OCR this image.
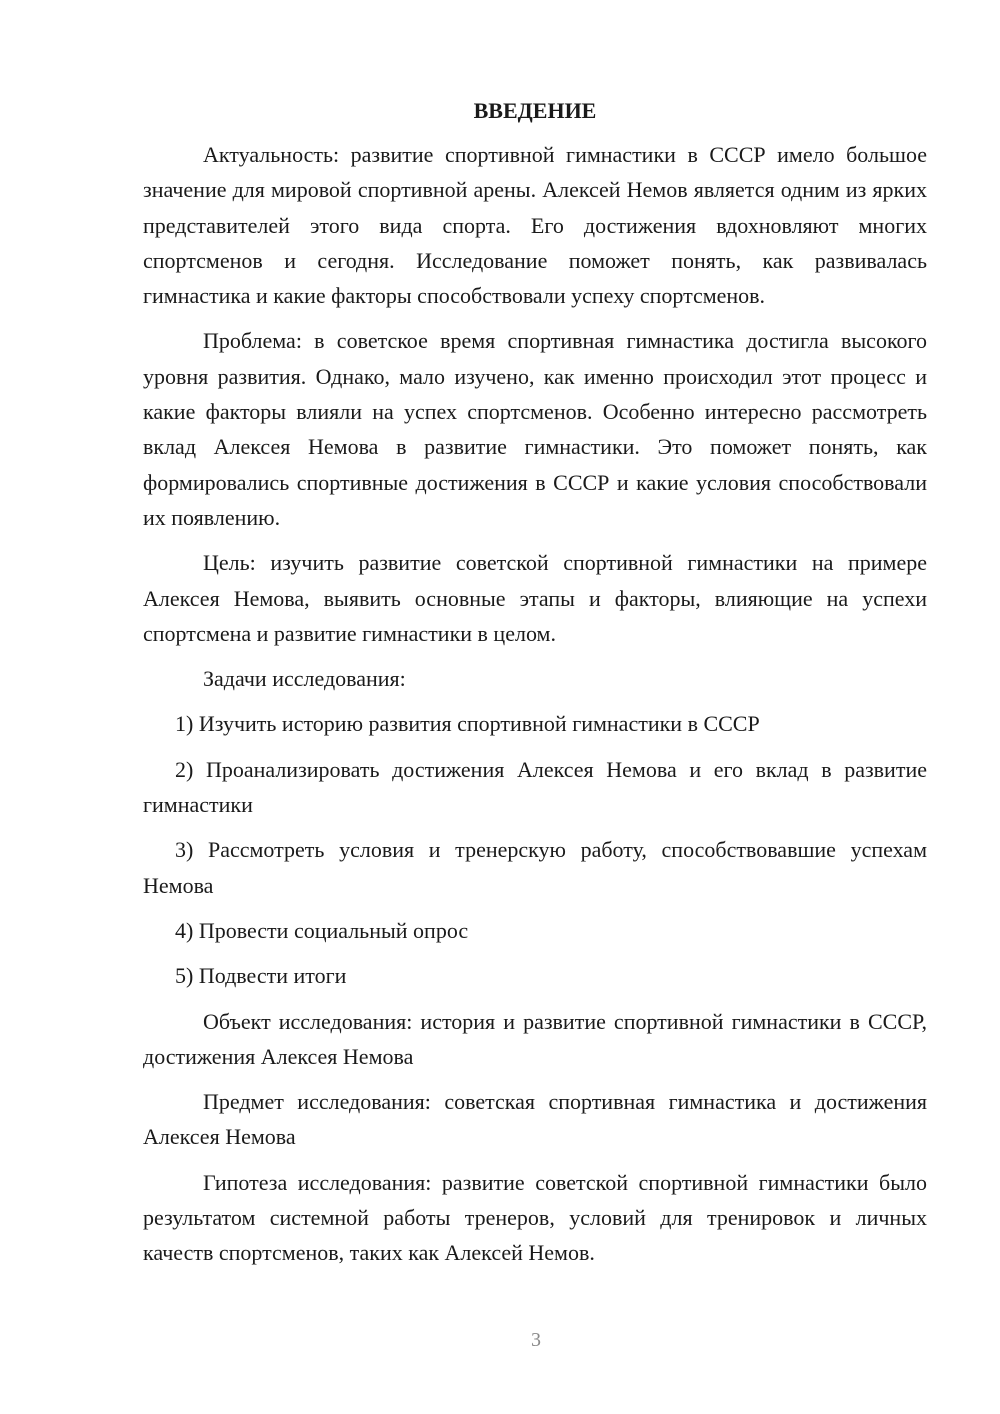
ВВЕДЕНИЕ

Актуальность: развитие спортивной гимнастики в СССР имело большое значение для мировой спортивной арены. Алексей Немов является одним из ярких представителей этого вида спорта. Его достижения вдохновляют многих спортсменов и сегодня. Исследование поможет понять, как развивалась гимнастика и какие факторы способствовали успеху спортсменов.

Проблема: в советское время спортивная гимнастика достигла высокого уровня развития. Однако, мало изучено, как именно происходил этот процесс и какие факторы влияли на успех спортсменов. Особенно интересно рассмотреть вклад Алексея Немова в развитие гимнастики. Это поможет понять, как формировались спортивные достижения в СССР и какие условия способствовали их появлению.

Цель: изучить развитие советской спортивной гимнастики на примере Алексея Немова, выявить основные этапы и факторы, влияющие на успехи спортсмена и развитие гимнастики в целом.

Задачи исследования:

1) Изучить историю развития спортивной гимнастики в СССР

2) Проанализировать достижения Алексея Немова и его вклад в развитие гимнастики

3) Рассмотреть условия и тренерскую работу, способствовавшие успехам Немова

4) Провести социальный опрос

5) Подвести итоги

Объект исследования: история и развитие спортивной гимнастики в СССР, достижения Алексея Немова

Предмет исследования: советская спортивная гимнастика и достижения Алексея Немова

Гипотеза исследования: развитие советской спортивной гимнастики было результатом системной работы тренеров, условий для тренировок и личных качеств спортсменов, таких как Алексей Немов.

3
